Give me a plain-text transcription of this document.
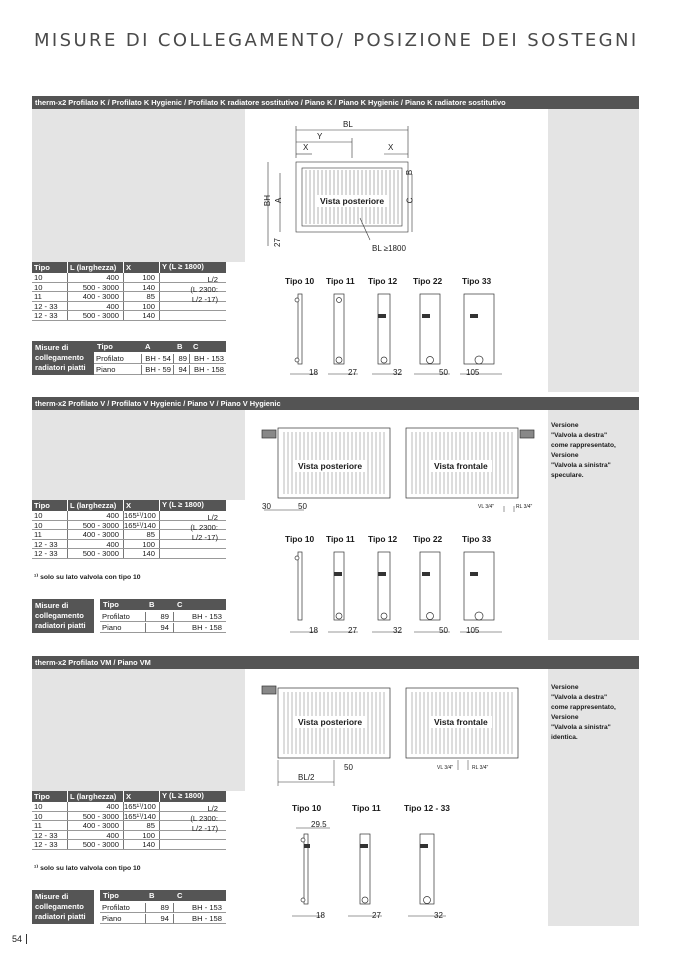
MISURE DI COLLEGAMENTO/ POSIZIONE DEI SOSTEGNI
therm-x2 Profilato K / Profilato K Hygienic / Profilato K radiatore sostitutivo / Piano K / Piano K Hygienic / Piano K radiatore sostitutivo
Tipo	L (larghezza)	X	Y (L ≥ 1800)
10	400	100
10	500 - 3000	140
11	400 - 3000	85
12 - 33	400	100
12 - 33	500 - 3000	140
L/2
(L 2300:
L/2 -17)
Misure di
collegamento
radiatori piatti
Tipo	A	B	C
Profilato	BH - 54 89 BH - 153
Piano	BH - 59 94 BH - 158
Vista posteriore
BL
Y
X	X
B
BH A	C
27
BL ≥1800
Tipo 10 Tipo 11 Tipo 12 Tipo 22 Tipo 33
18	27	32	50 105
therm-x2 Profilato V / Profilato V Hygienic / Piano V / Piano V Hygienic
Versione
"Valvola a destra"
come rappresentato,
Versione
"Valvola a sinistra"
speculare.
Tipo	L (larghezza)	X	Y (L ≥ 1800)
10	400 165¹⁾/100
10	500 - 3000 165¹⁾/140
11	400 - 3000	85
12 - 33	400	100
12 - 33	500 - 3000	140
L/2
(L 2300:
L/2 -17)
¹⁾ solo su lato valvola con tipo 10
Misure di
collegamento
radiatori piatti
Tipo	B	C
Profilato	89	BH - 153
Piano	94	BH - 158
Vista posteriore	Vista frontale
30	50	VL 3/4"	RL 3/4"
Tipo 10 Tipo 11 Tipo 12 Tipo 22 Tipo 33
18	27	32	50 105
therm-x2 Profilato VM / Piano VM
Versione
"Valvola a destra"
come rappresentato,
Versione
"Valvola a sinistra"
identica.
Tipo	L (larghezza)	X	Y (L ≥ 1800)
10	400 165¹⁾/100
10	500 - 3000 165¹⁾/140
11	400 - 3000	85
12 - 33	400	100
12 - 33	500 - 3000	140
L/2
(L 2300:
L/2 -17)
¹⁾ solo su lato valvola con tipo 10
Misure di
collegamento
radiatori piatti
Tipo	B	C
Profilato	89	BH - 153
Piano	94	BH - 158
Vista posteriore	Vista frontale
BL/2
50	VL 3/4"	RL 3/4"
Tipo 10	Tipo 11	Tipo 12 - 33
29.5
18	27	32
54
